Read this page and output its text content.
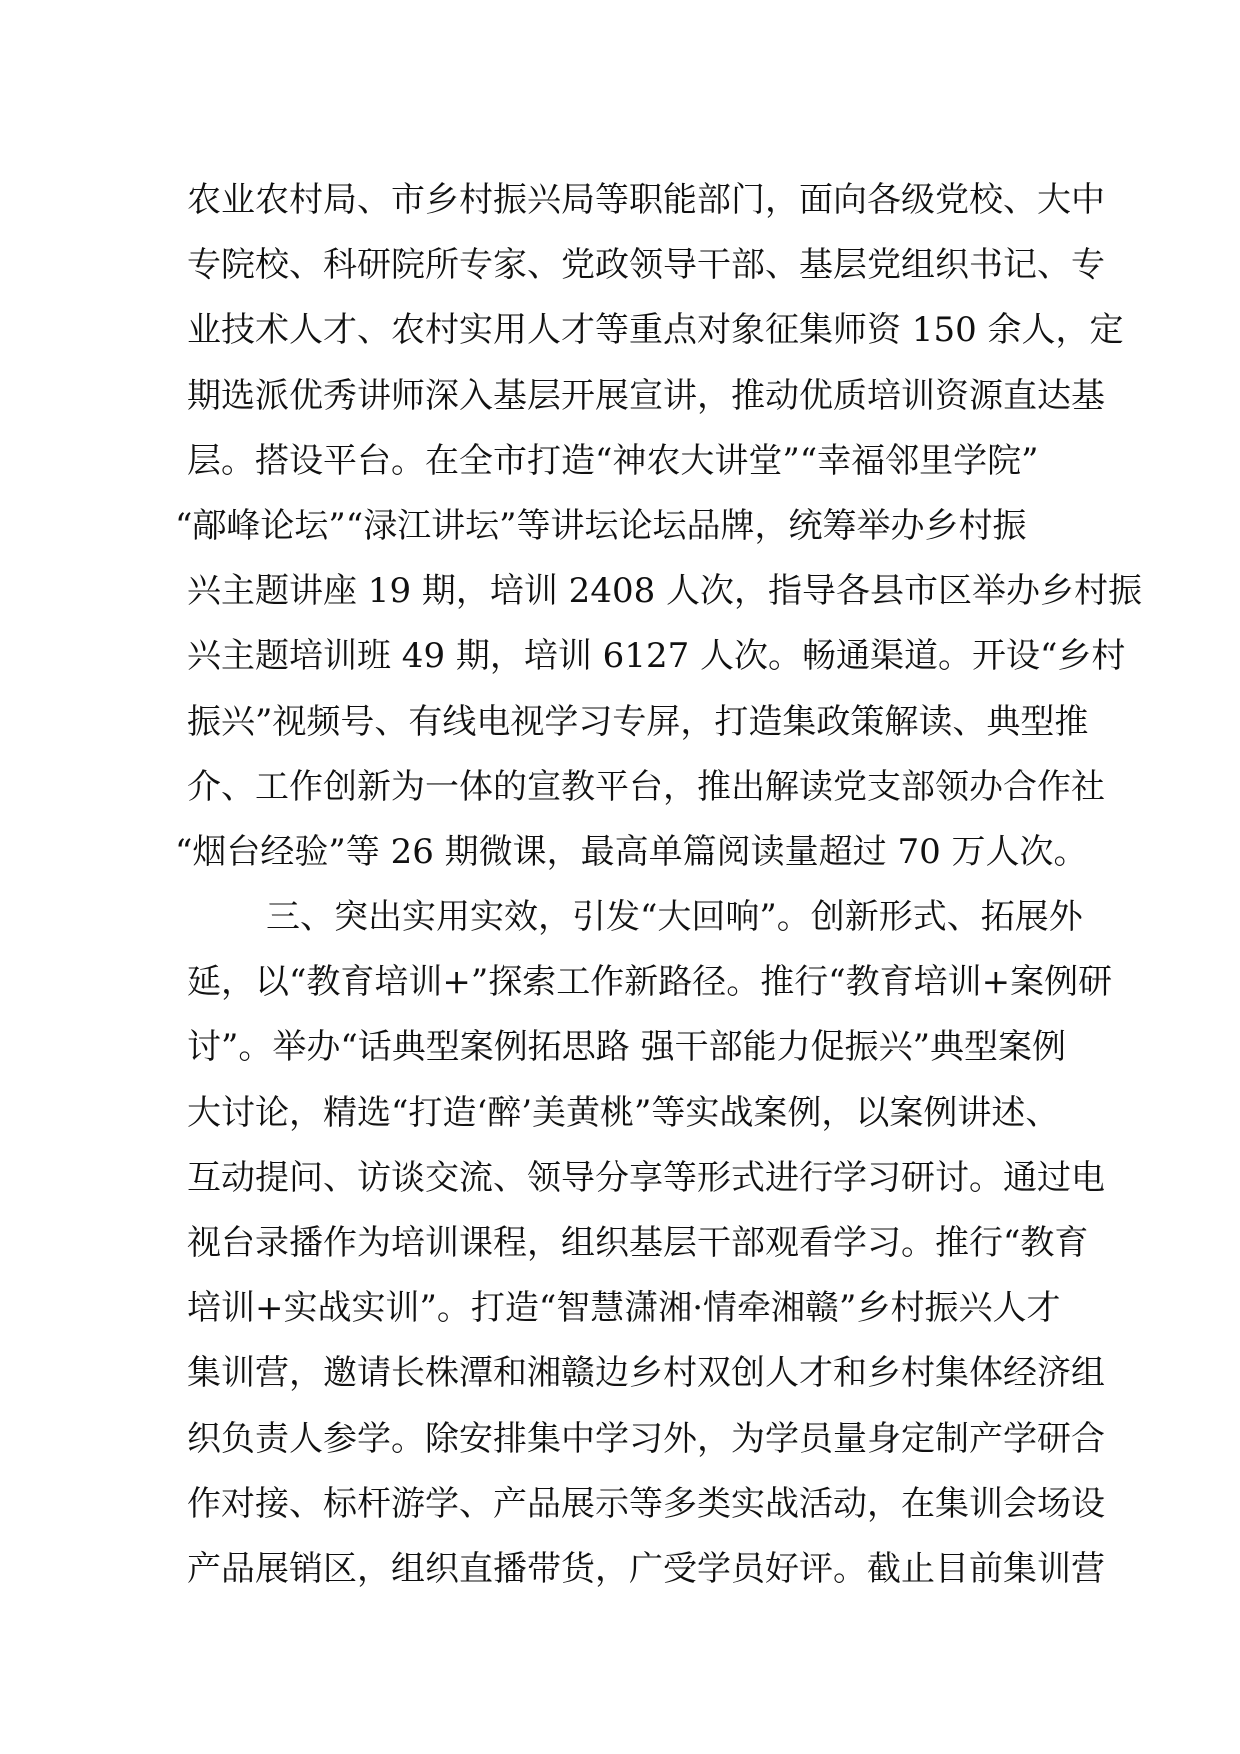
农业农村局、市乡村振兴局等职能部门，面向各级党校、大中
专院校、科研院所专家、党政领导干部、基层党组织书记、专
业技术人才、农村实用人才等重点对象征集师资 150 余人，定
期选派优秀讲师深入基层开展宣讲，推动优质培训资源直达基
层。搭设平台。在全市打造“神农大讲堂”“幸福邻里学院”
“鄗峰论坛”“渌江讲坛”等讲坛论坛品牌，统筹举办乡村振
兴主题讲座 19 期，培训 2408 人次，指导各县市区举办乡村振
兴主题培训班 49 期，培训 6127 人次。畅通渠道。开设“乡村
振兴”视频号、有线电视学习专屏，打造集政策解读、典型推
介、工作创新为一体的宣教平台，推出解读党支部领办合作社
“烟台经验”等 26 期微课，最高单篇阅读量超过 70 万人次。
三、突出实用实效，引发“大回响”。创新形式、拓展外
延，以“教育培训+”探索工作新路径。推行“教育培训+案例研
讨”。举办“话典型案例拓思路 强干部能力促振兴”典型案例
大讨论，精选“打造‘醉’美黄桃”等实战案例，以案例讲述、
互动提问、访谈交流、领导分享等形式进行学习研讨。通过电
视台录播作为培训课程，组织基层干部观看学习。推行“教育
培训+实战实训”。打造“智慧潇湘·情牵湘赣”乡村振兴人才
集训营，邀请长株潭和湘赣边乡村双创人才和乡村集体经济组
织负责人参学。除安排集中学习外，为学员量身定制产学研合
作对接、标杆游学、产品展示等多类实战活动，在集训会场设
产品展销区，组织直播带货，广受学员好评。截止目前集训营
